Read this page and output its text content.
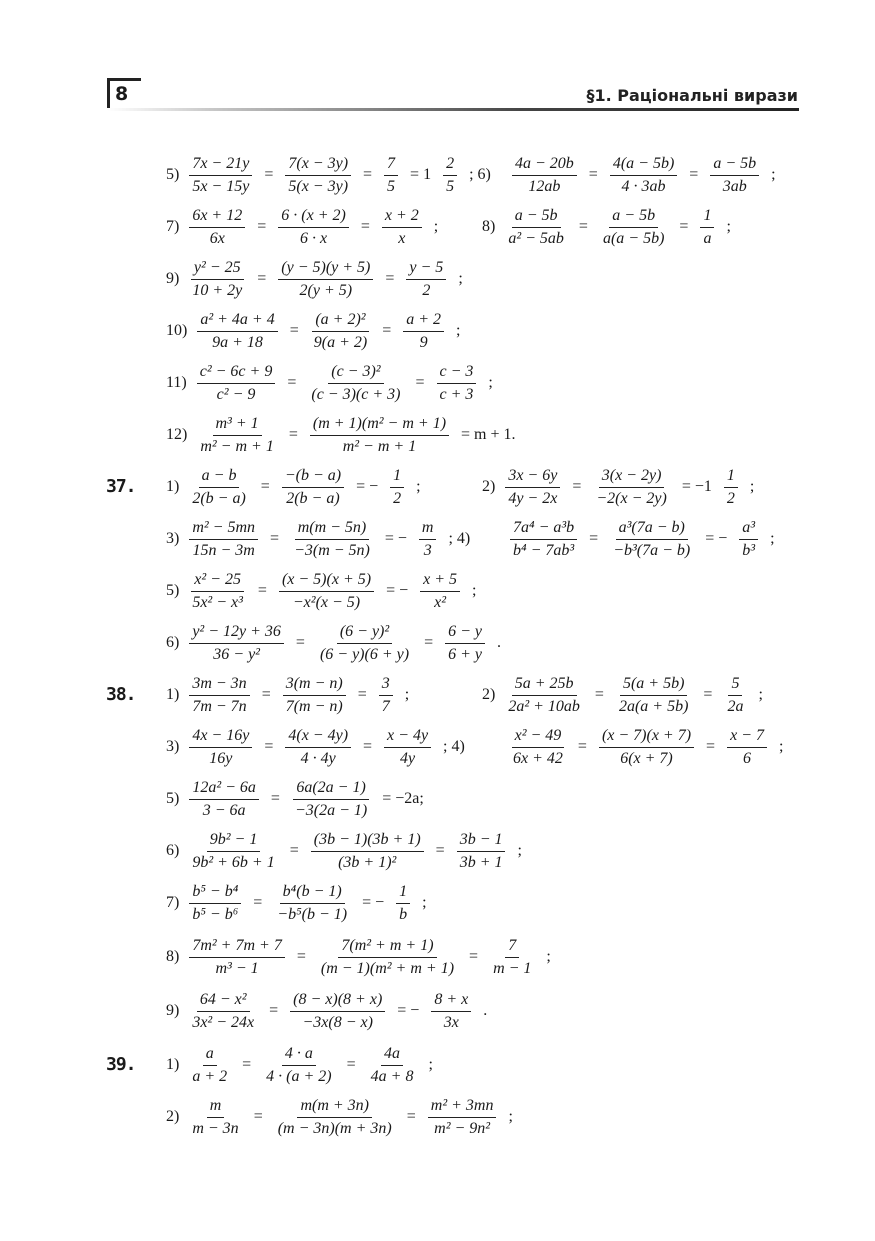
8	§1. Раціональні вирази
$5) \frac{7x - 21y}{5x - 15y} = \frac{7(x - 3y)}{5(x - 3y)} = \frac{7}{5} = 1 \frac{2}{5}$ ; $6) \frac{4a - 20b}{12ab} = \frac{4(a - 5b)}{4 \cdot 3ab} = \frac{a - 5b}{3ab}$ ;
$7) \frac{6x + 12}{6x} = \frac{6 \cdot (x + 2)}{6 \cdot x} = \frac{x + 2}{x}$ ;	$8) \frac{a - 5b}{\text{a² − 5ab}} = \frac{a - 5b}{a(a - 5b)} = \frac{1}{a}$ ;
$9) \frac{\text{y² − 25}}{10 + 2y} = \frac{(y - 5)(y + 5)}{2(y + 5)} = \frac{y - 5}{2}$ ;
$10) \frac{\text{a² + 4a + 4}}{9a + 18} = \frac{\text{(a + 2)²}}{9(a + 2)} = \frac{a + 2}{9}$ ;
$11) \frac{\text{c² − 6c + 9}}{\text{c² − 9}} = \frac{\text{(c − 3)²}}{(c - 3)(c + 3)} = \frac{c - 3}{c + 3}$ ;
$12) \frac{\text{m³ + 1}}{\text{m² − m + 1}} = \frac{\text{(m + 1)(m² − m + 1)}}{\text{m² − m + 1}} = m + 1$.
37. $1) \frac{a - b}{2(b - a)} = \frac{-(b - a)}{2(b - a)}$ = − $\frac{1}{2}$ ;	$2) \frac{3x - 6y}{4y - 2x} = \frac{3(x - 2y)}{-2(x - 2y)} = -1 \frac{1}{2}$ ;
$3) \frac{\text{m² − 5mn}}{15n - 3m} = \frac{m(m - 5n)}{-3(m - 5n)}$ = − $\frac{m}{3}$ ; $4) \frac{\text{7a⁴ − a³b}}{\text{b⁴ − 7ab³}} = \frac{\text{a³(7a − b)}}{\text{−b³(7a − b)}}$ = − $\frac{\text{a³}}{\text{b³}}$ ;
$5) \frac{\text{x² − 25}}{\text{5x² − x³}} = \frac{(x - 5)(x + 5)}{\text{−x²(x − 5)}}$ = − $\frac{x + 5}{\text{x²}}$ ;
$6) \frac{\text{y² − 12y + 36}}{\text{36 − y²}} = \frac{\text{(6 − y)²}}{(6 - y)(6 + y)} = \frac{6 - y}{6 + y}$ .
38. $1) \frac{3m - 3n}{7m - 7n} = \frac{3(m - n)}{7(m - n)} = \frac{3}{7}$ ;	$2) \frac{5a + 25b}{\text{2a² + 10ab}} = \frac{5(a + 5b)}{2a(a + 5b)} = \frac{5}{2a}$ ;
$3) \frac{4x - 16y}{16y} = \frac{4(x - 4y)}{4 \cdot 4y} = \frac{x - 4y}{4y}$ ; 4)	$\frac{\text{x² − 49}}{6x + 42} = \frac{(x - 7)(x + 7)}{6(x + 7)} = \frac{x - 7}{6}$ ;
$5) \frac{\text{12a² − 6a}}{3 - 6a} = \frac{6a(2a - 1)}{-3(2a - 1)} = -2a$;
$6) \frac{\text{9b² − 1}}{\text{9b² + 6b + 1}} = \frac{(3b - 1)(3b + 1)}{\text{(3b + 1)²}} = \frac{3b - 1}{3b + 1}$ ;
$7) \frac{\text{b⁵ − b⁴}}{\text{b⁵ − b⁶}} = \frac{\text{b⁴(b − 1)}}{\text{−b⁵(b − 1)}}$ = − $\frac{1}{b}$ ;
$8) \frac{\text{7m² + 7m + 7}}{\text{m³ − 1}} = \frac{\text{7(m² + m + 1)}}{\text{(m − 1)(m² + m + 1)}} = \frac{7}{m - 1}$ ;
$9) \frac{\text{64 − x²}}{\text{3x² − 24x}} = \frac{(8 - x)(8 + x)}{-3x(8 - x)}$ = − $\frac{8 + x}{3x}$ .
39. $1) \frac{a}{a + 2} = \frac{4 \cdot a}{4 \cdot (a + 2)} = \frac{4a}{4a + 8}$ ;
$2) \frac{m}{m - 3n} = \frac{m(m + 3n)}{(m - 3n)(m + 3n)} = \frac{\text{m² + 3mn}}{\text{m² − 9n²}}$ ;
